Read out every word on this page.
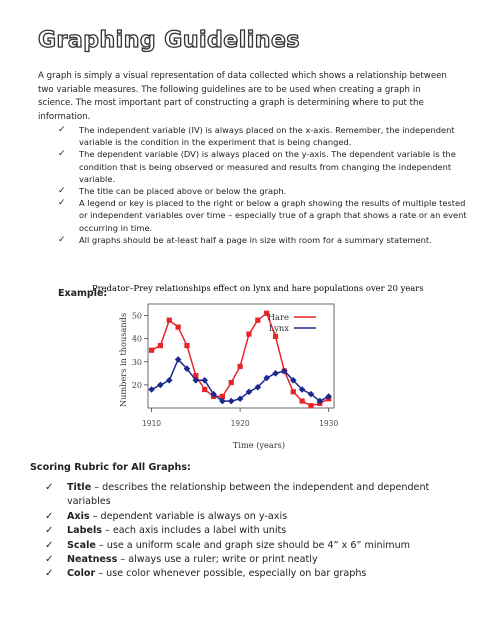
Graphing Guidelines

A graph is simply a visual representation of data collected which shows a relationship between two variable measures. The following guidelines are to be used when creating a graph in science. The most important part of constructing a graph is determining where to put the information.

✓ The independent variable (IV) is always placed on the x-axis. Remember, the independent variable is the condition in the experiment that is being changed.
✓ The dependent variable (DV) is always placed on the y-axis. The dependent variable is the condition that is being observed or measured and results from changing the independent variable.
✓ The title can be placed above or below the graph.
✓ A legend or key is placed to the right or below a graph showing the results of multiple tested or independent variables over time – especially true of a graph that shows a rate or an event occurring in time.
✓ All graphs should be at-least half a page in size with room for a summary statement.

Example:

Predator–Prey relationships effect on lynx and hare populations over 20 years
20
30
40
50
1910	1920	1930
Numbers in thousands
Time (years)
Hare
Lynx

Scoring Rubric for All Graphs:

✓ Title – describes the relationship between the independent and dependent variables
✓ Axis – dependent variable is always on y-axis
✓ Labels – each axis includes a label with units
✓ Scale – use a uniform scale and graph size should be 4” x 6” minimum
✓ Neatness – always use a ruler; write or print neatly
✓ Color – use color whenever possible, especially on bar graphs
